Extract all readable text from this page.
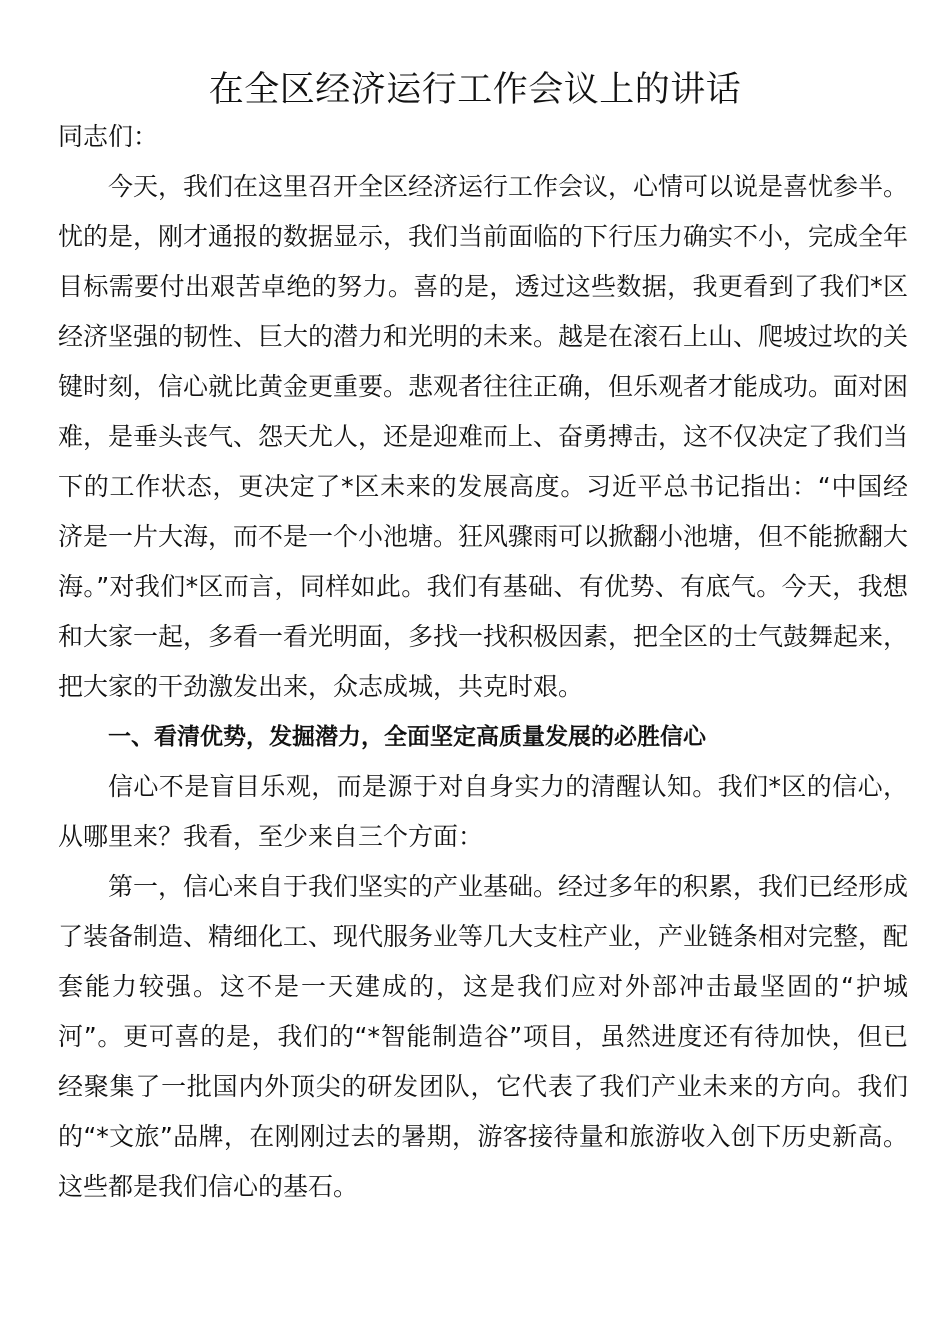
在全区经济运行工作会议上的讲话

同志们：

今天，我们在这里召开全区经济运行工作会议，心情可以说是喜忧参半。忧的是，刚才通报的数据显示，我们当前面临的下行压力确实不小，完成全年目标需要付出艰苦卓绝的努力。喜的是，透过这些数据，我更看到了我们*区经济坚强的韧性、巨大的潜力和光明的未来。越是在滚石上山、爬坡过坎的关键时刻，信心就比黄金更重要。悲观者往往正确，但乐观者才能成功。面对困难，是垂头丧气、怨天尤人，还是迎难而上、奋勇搏击，这不仅决定了我们当下的工作状态，更决定了*区未来的发展高度。习近平总书记指出：“中国经济是一片大海，而不是一个小池塘。狂风骤雨可以掀翻小池塘，但不能掀翻大海。”对我们*区而言，同样如此。我们有基础、有优势、有底气。今天，我想和大家一起，多看一看光明面，多找一找积极因素，把全区的士气鼓舞起来，把大家的干劲激发出来，众志成城，共克时艰。

一、看清优势，发掘潜力，全面坚定高质量发展的必胜信心

信心不是盲目乐观，而是源于对自身实力的清醒认知。我们*区的信心，从哪里来？我看，至少来自三个方面：

第一，信心来自于我们坚实的产业基础。经过多年的积累，我们已经形成了装备制造、精细化工、现代服务业等几大支柱产业，产业链条相对完整，配套能力较强。这不是一天建成的，这是我们应对外部冲击最坚固的“护城河”。更可喜的是，我们的“*智能制造谷”项目，虽然进度还有待加快，但已经聚集了一批国内外顶尖的研发团队，它代表了我们产业未来的方向。我们的“*文旅”品牌，在刚刚过去的暑期，游客接待量和旅游收入创下历史新高。这些都是我们信心的基石。
